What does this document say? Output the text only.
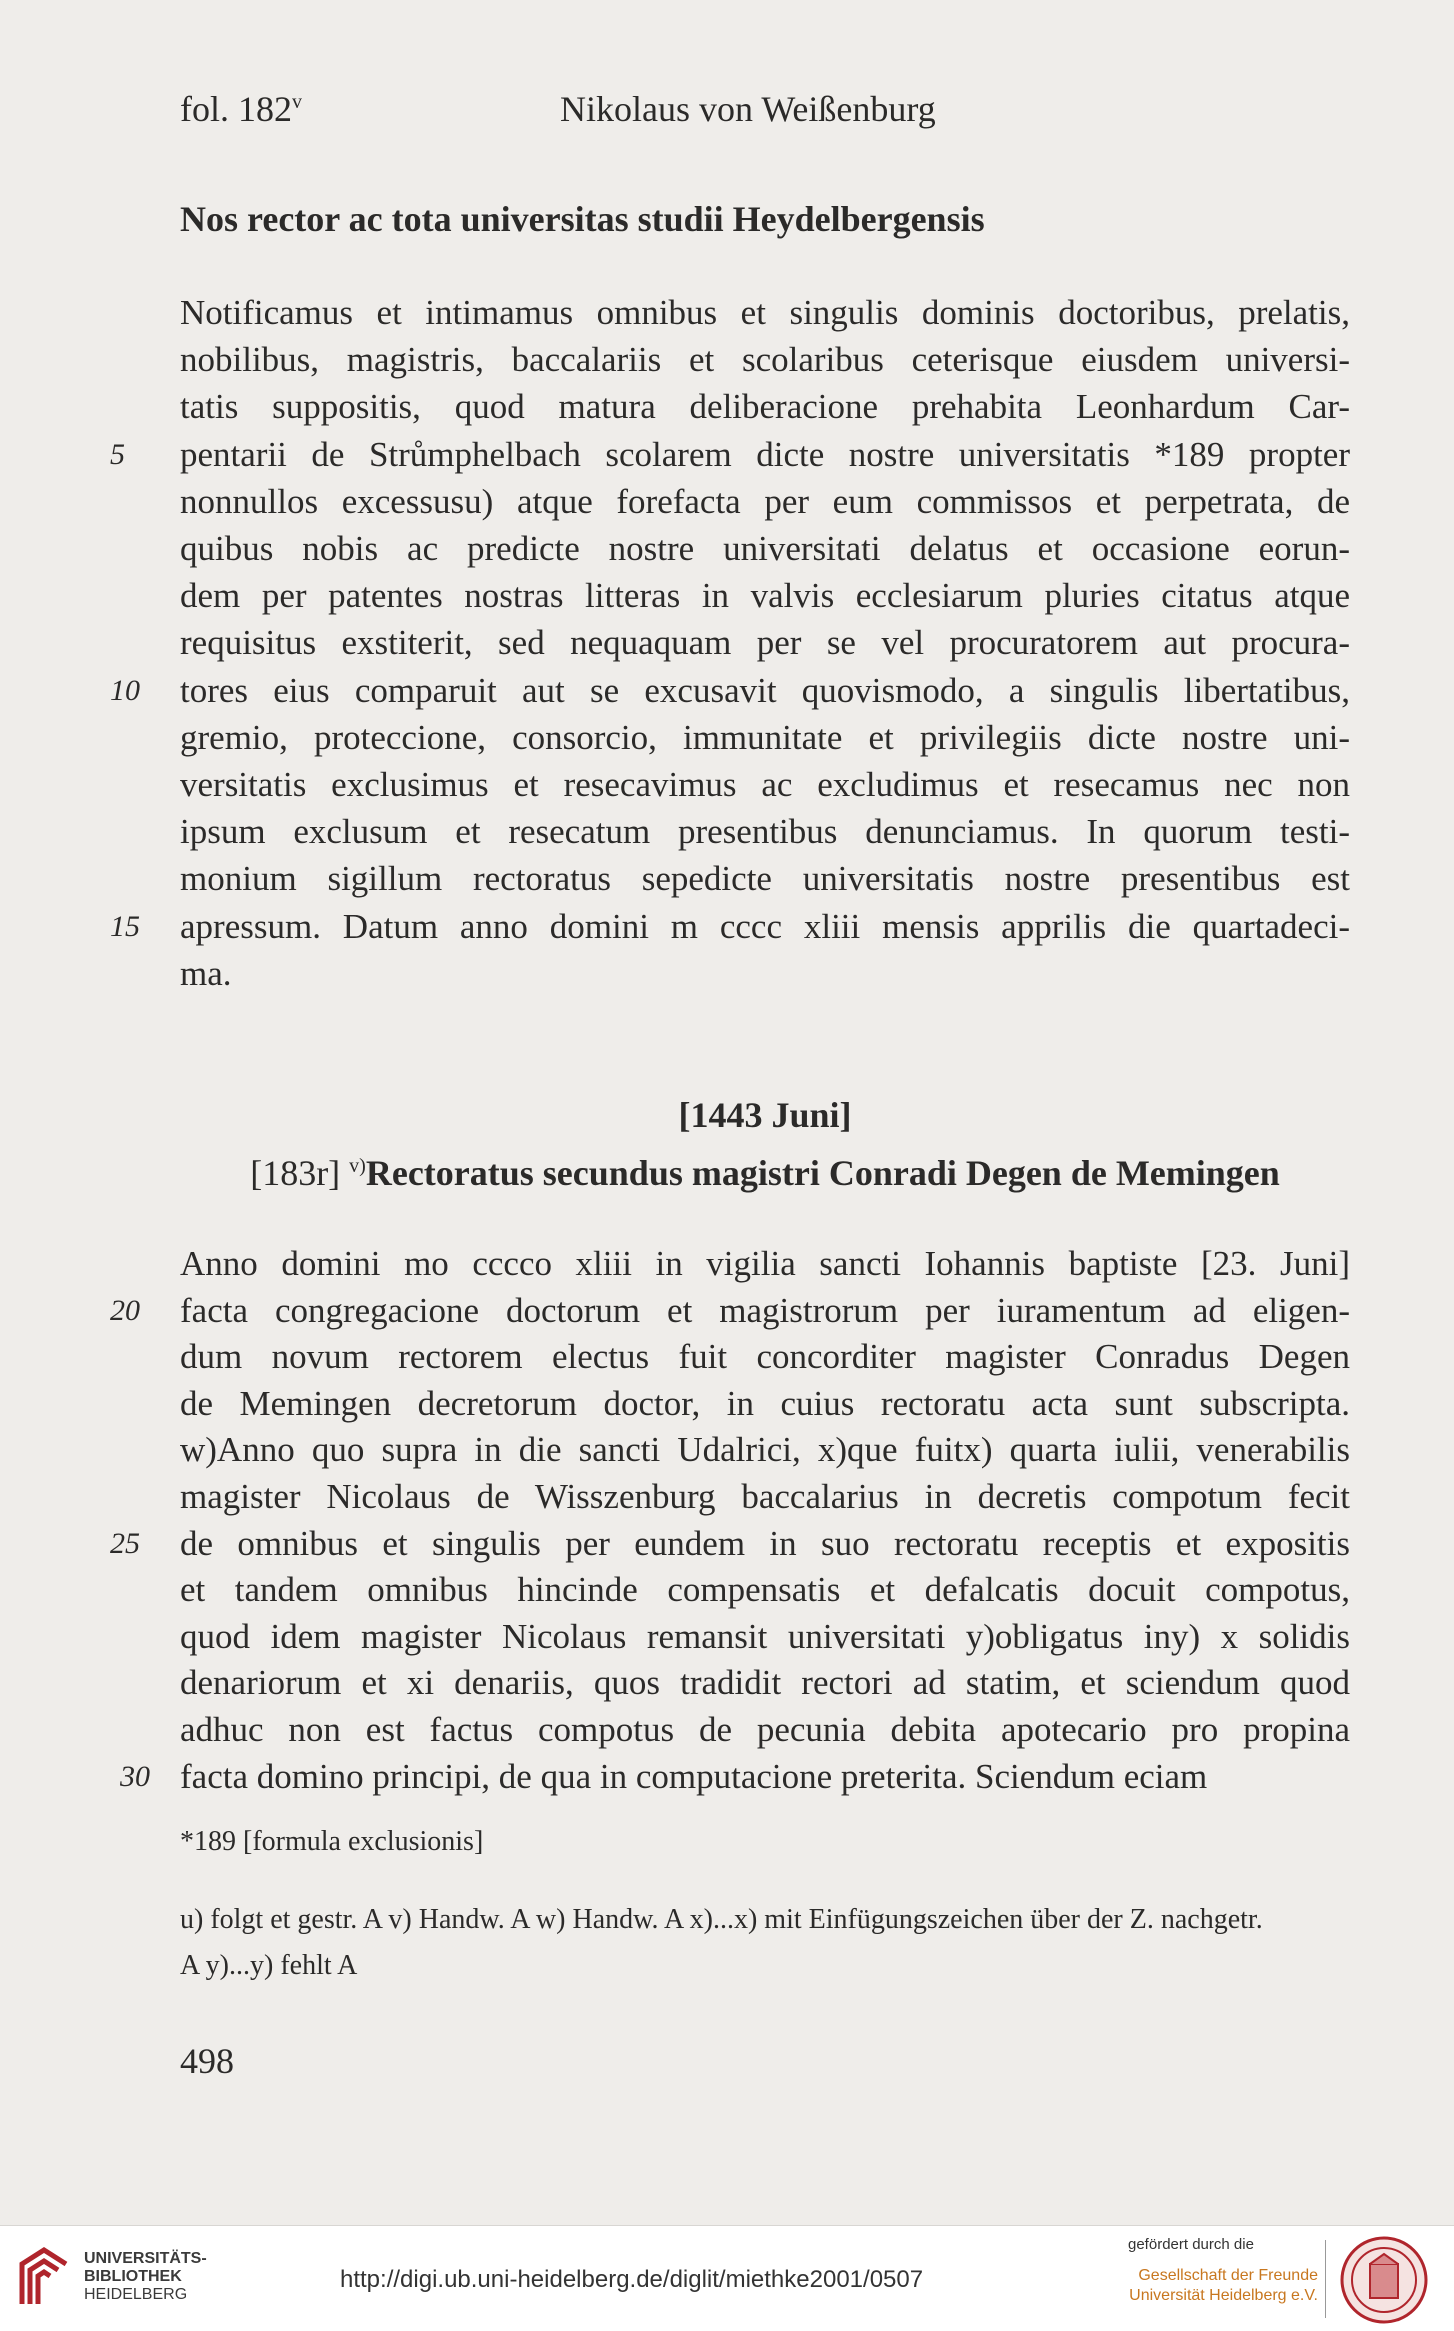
fol. 182$^v$	Nikolaus von Weißenburg
Nos rector ac tota universitas studii Heydelbergensis
Notificamus et intimamus omnibus et singulis dominis doctoribus, prelatis,
nobilibus, magistris, baccalariis et scolaribus ceterisque eiusdem universi-
tatis suppositis, quod matura deliberacione prehabita Leonhardum Car-
pentarii de Strůmphelbach scolarem dicte nostre universitatis *189 propter
5
nonnullos excessusu) atque forefacta per eum commissos et perpetrata, de
quibus nobis ac predicte nostre universitati delatus et occasione eorun-
dem per patentes nostras litteras in valvis ecclesiarum pluries citatus atque
requisitus exstiterit, sed nequaquam per se vel procuratorem aut procura-
tores eius comparuit aut se excusavit quovismodo, a singulis libertatibus,
10
gremio, proteccione, consorcio, immunitate et privilegiis dicte nostre uni-
versitatis exclusimus et resecavimus ac excludimus et resecamus nec non
ipsum exclusum et resecatum presentibus denunciamus. In quorum testi-
monium sigillum rectoratus sepedicte universitatis nostre presentibus est
apressum. Datum anno domini m cccc xliii mensis apprilis die quartadeci-
15
ma.
[1443 Juni]
[183r] $^{v)}$Rectoratus secundus magistri Conradi Degen de Memingen
Anno domini mo ccccо xliii in vigilia sancti Iohannis baptiste [23. Juni]
facta congregacione doctorum et magistrorum per iuramentum ad eligen-
20
dum novum rectorem electus fuit concorditer magister Conradus Degen
de Memingen decretorum doctor, in cuius rectoratu acta sunt subscripta.
w)Anno quo supra in die sancti Udalrici, x)que fuitx) quarta iulii, venerabilis
magister Nicolaus de Wisszenburg baccalarius in decretis compotum fecit
de omnibus et singulis per eundem in suo rectoratu receptis et expositis
25
et tandem omnibus hincinde compensatis et defalcatis docuit compotus,
quod idem magister Nicolaus remansit universitati y)obligatus iny) x solidis
denariorum et xi denariis, quos tradidit rectori ad statim, et sciendum quod
adhuc non est factus compotus de pecunia debita apotecario pro propina
facta domino principi, de qua in computacione preterita. Sciendum eciam
30
*189 [formula exclusionis]
u) folgt et gestr. A v) Handw. A w) Handw. A x)...x) mit Einfügungszeichen über der Z. nachgetr.
A y)...y) fehlt A
498
UNIVERSITÄTS-
BIBLIOTHEK
HEIDELBERG
http://digi.ub.uni-heidelberg.de/diglit/miethke2001/0507
gefördert durch die
Gesellschaft der Freunde
Universität Heidelberg e.V.
